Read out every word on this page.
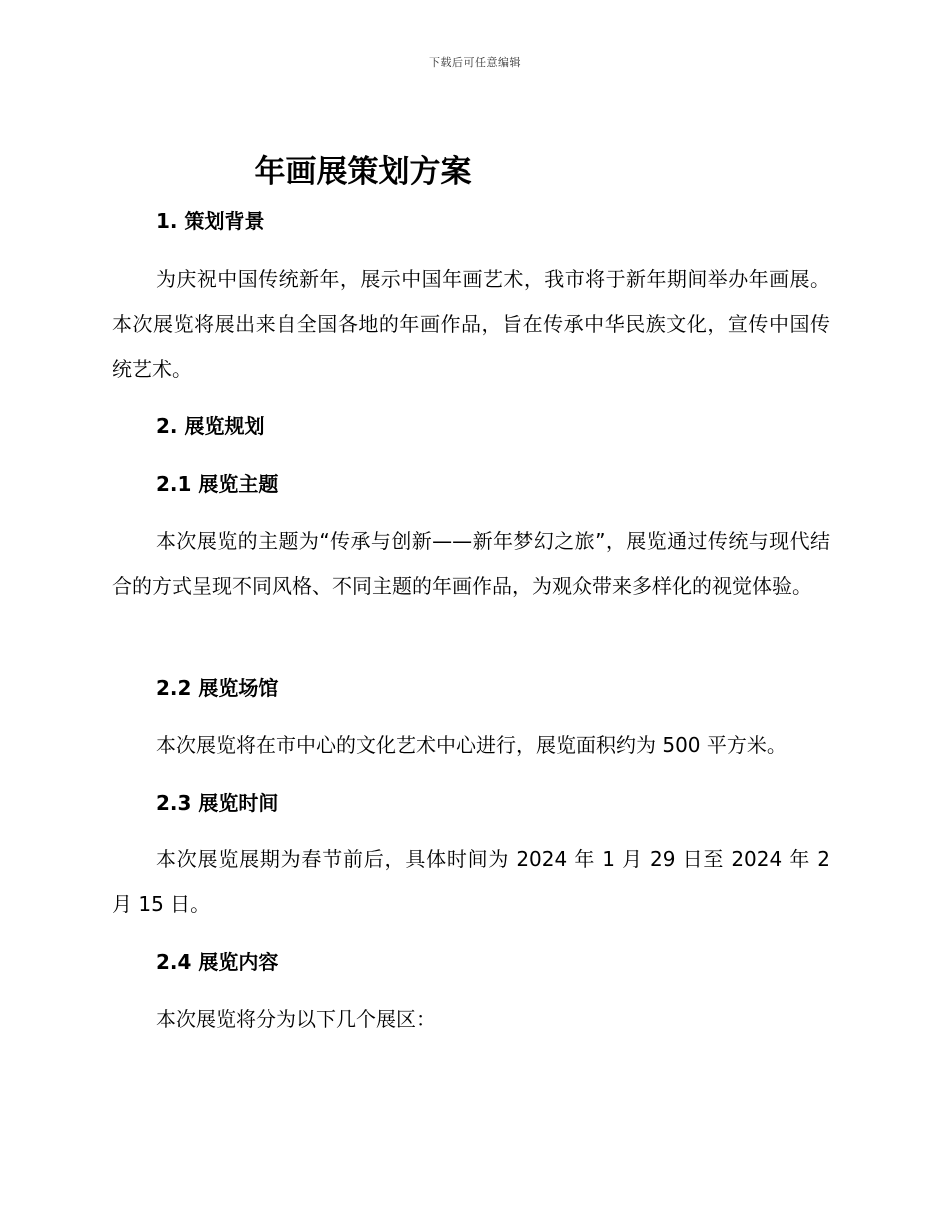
下载后可任意编辑
年画展策划方案
1. 策划背景
为庆祝中国传统新年，展示中国年画艺术，我市将于新年期间举办年画展。本次展览将展出来自全国各地的年画作品，旨在传承中华民族文化，宣传中国传统艺术。
2. 展览规划
2.1 展览主题
本次展览的主题为“传承与创新——新年梦幻之旅”，展览通过传统与现代结合的方式呈现不同风格、不同主题的年画作品，为观众带来多样化的视觉体验。
2.2 展览场馆
本次展览将在市中心的文化艺术中心进行，展览面积约为 500 平方米。
2.3 展览时间
本次展览展期为春节前后，具体时间为 2024 年 1 月 29 日至 2024 年 2 月 15 日。
2.4 展览内容
本次展览将分为以下几个展区：
